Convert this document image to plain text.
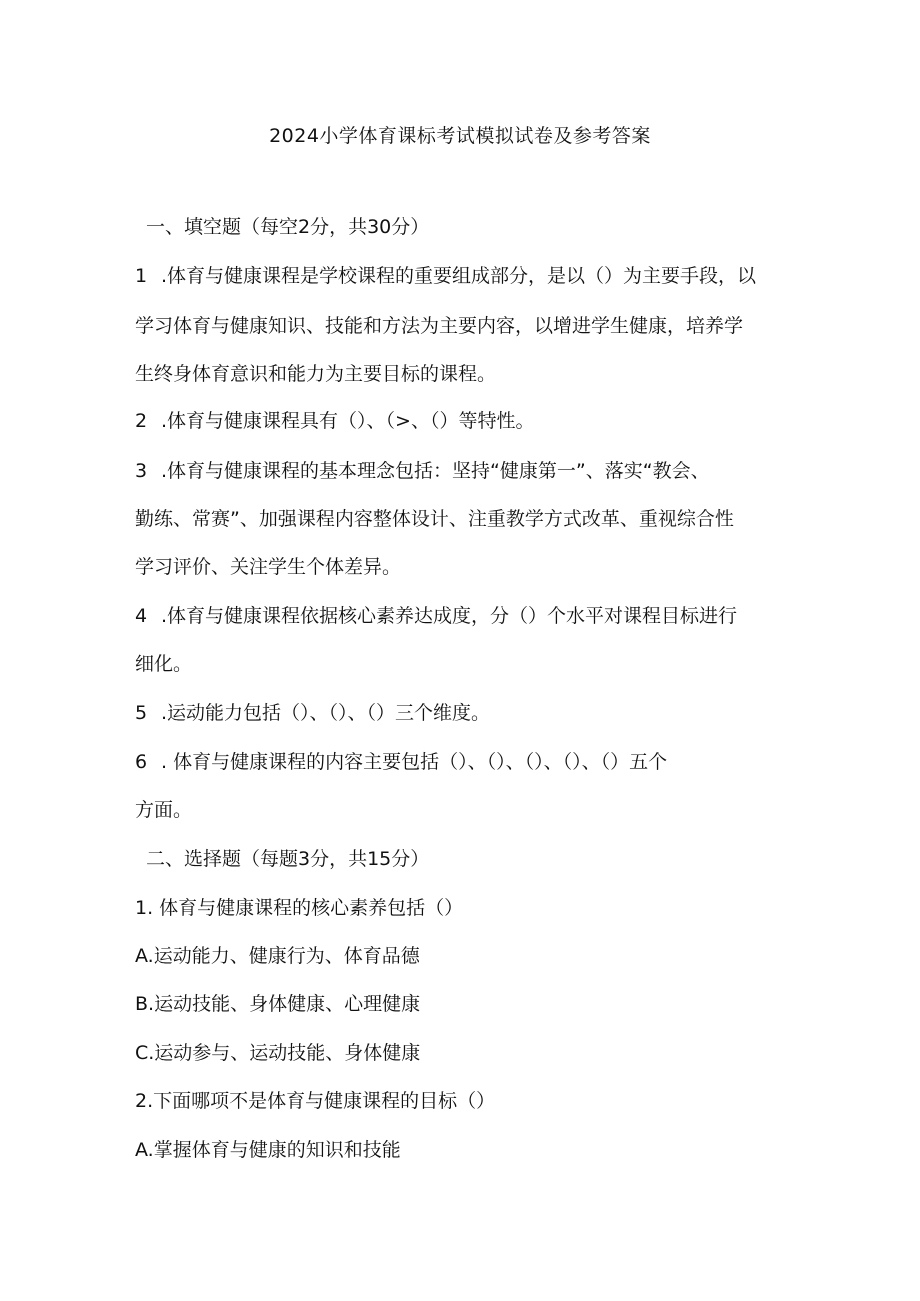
2024小学体育课标考试模拟试卷及参考答案
一、填空题（每空2分，共30分）
1 .体育与健康课程是学校课程的重要组成部分，是以（）为主要手段，以
学习体育与健康知识、技能和方法为主要内容，以增进学生健康，培养学
生终身体育意识和能力为主要目标的课程。
2 .体育与健康课程具有（）、（>、（）等特性。
3 .体育与健康课程的基本理念包括：坚持“健康第一”、落实“教会、
勤练、常赛”、加强课程内容整体设计、注重教学方式改革、重视综合性
学习评价、关注学生个体差异。
4 .体育与健康课程依据核心素养达成度，分（）个水平对课程目标进行
细化。
5 .运动能力包括（）、（）、（）三个维度。
6 . 体育与健康课程的内容主要包括（）、（）、（）、（）、（）五个
方面。
二、选择题（每题3分，共15分）
1. 体育与健康课程的核心素养包括（）
A.运动能力、健康行为、体育品德
B.运动技能、身体健康、心理健康
C.运动参与、运动技能、身体健康
2.下面哪项不是体育与健康课程的目标（）
A.掌握体育与健康的知识和技能
